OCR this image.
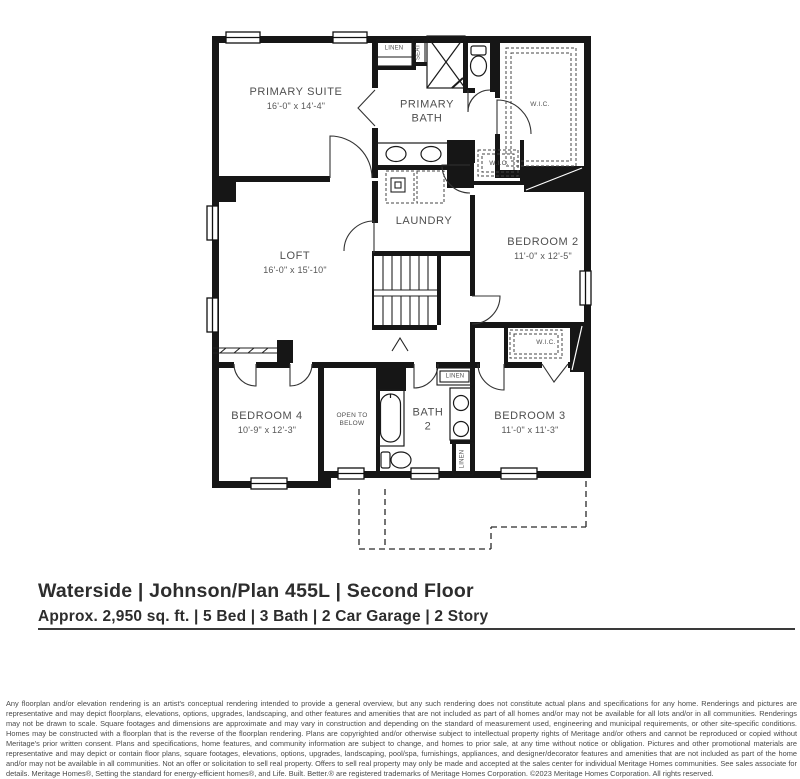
PRIMARY SUITE
16'-0" x 14'-4"	PRIMARY BATH
W.I.C.
W.I.C.
LAUNDRY
LOFT
16'-0" x 15'-10"
BEDROOM 2
11'-0" x 12'-5"
W.I.C.
BEDROOM 4
10'-9" x 12'-3"
OPEN TO BELOW
BATH 2
BEDROOM 3
11'-0" x 11'-3"
LINEN SEAT
LINEN
LINEN
Waterside | Johnson/Plan 455L | Second Floor
Approx. 2,950 sq. ft. | 5 Bed | 3 Bath | 2 Car Garage | 2 Story
Any floorplan and/or elevation rendering is an artist's conceptual rendering intended to provide a general overview, but any such rendering does not constitute actual plans and specifications for any home. Renderings and pictures are representative and may depict floorplans, elevations, options, upgrades, landscaping, and other features and amenities that are not included as part of all homes and/or may not be available for all lots and/or in all communities. Renderings may not be drawn to scale. Square footages and dimensions are approximate and may vary in construction and depending on the standard of measurement used, engineering and municipal requirements, or other site-specific conditions. Homes may be constructed with a floorplan that is the reverse of the floorplan rendering. Plans are copyrighted and/or otherwise subject to intellectual property rights of Meritage and/or others and cannot be reproduced or copied without Meritage's prior written consent. Plans and specifications, home features, and community information are subject to change, and homes to prior sale, at any time without notice or obligation. Pictures and other promotional materials are representative and may depict or contain floor plans, square footages, elevations, options, upgrades, landscaping, pool/spa, furnishings, appliances, and designer/decorator features and amenities that are not included as part of the home and/or may not be available in all communities. Not an offer or solicitation to sell real property. Offers to sell real property may only be made and accepted at the sales center for individual Meritage Homes communities. See sales associate for details. Meritage Homes®, Setting the standard for energy-efficient homes®, and Life. Built. Better.® are registered trademarks of Meritage Homes Corporation. ©2023 Meritage Homes Corporation. All rights reserved.
